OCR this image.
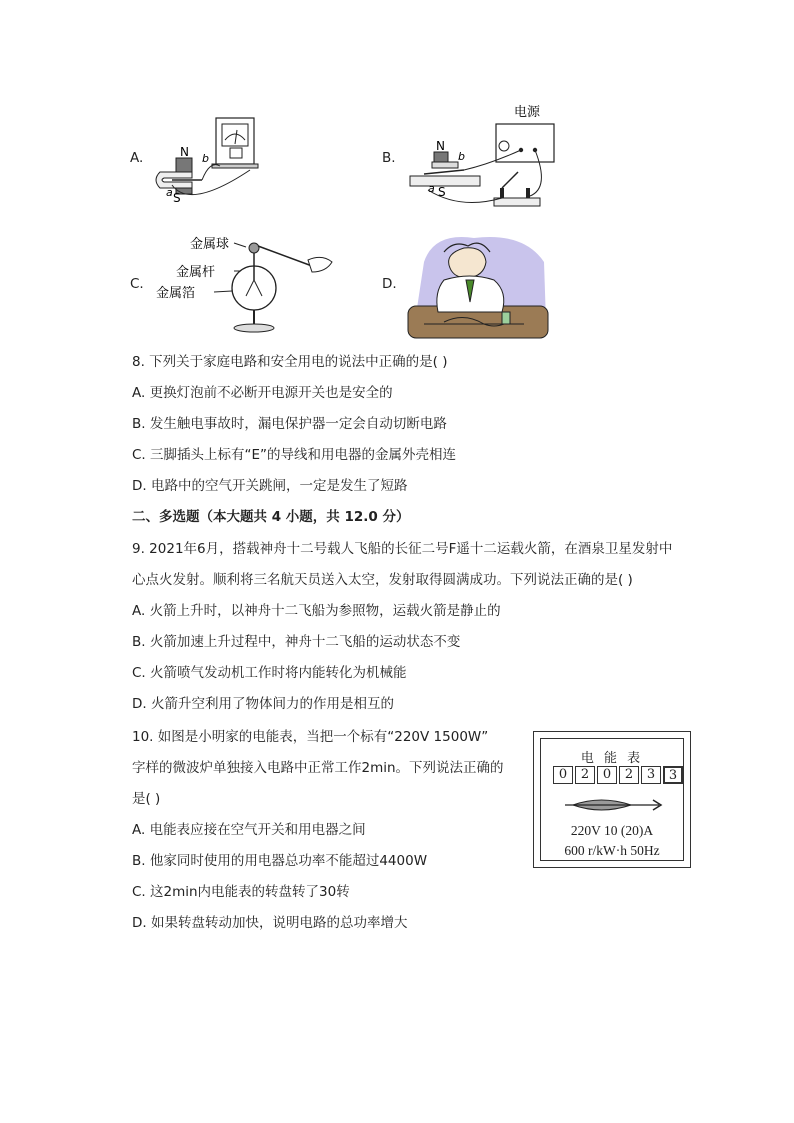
A.	N
S
a
b	B.
电源
N
S
a
b
C.
金属球
金属杆
金属箔
D.
8. 下列关于家庭电路和安全用电的说法中正确的是( )
A. 更换灯泡前不必断开电源开关也是安全的
B. 发生触电事故时，漏电保护器一定会自动切断电路
C. 三脚插头上标有“E”的导线和用电器的金属外壳相连
D. 电路中的空气开关跳闸，一定是发生了短路
二、多选题（本大题共 4 小题，共 12.0 分）
9. 2021年6月，搭载神舟十二号载人飞船的长征二号F遥十二运载火箭，在酒泉卫星发射中
心点火发射。顺利将三名航天员送入太空，发射取得圆满成功。下列说法正确的是( )
A. 火箭上升时，以神舟十二飞船为参照物，运载火箭是静止的
B. 火箭加速上升过程中，神舟十二飞船的运动状态不变
C. 火箭喷气发动机工作时将内能转化为机械能
D. 火箭升空利用了物体间力的作用是相互的
10. 如图是小明家的电能表，当把一个标有“220V 1500W”
字样的微波炉单独接入电路中正常工作2min。下列说法正确的
是( )
A. 电能表应接在空气开关和用电器之间
B. 他家同时使用的用电器总功率不能超过4400W
C. 这2min内电能表的转盘转了30转
D. 如果转盘转动加快，说明电路的总功率增大
电 能 表
0	2	0	2	3	3
220V 10 (20)A
600 r/kW·h 50Hz
